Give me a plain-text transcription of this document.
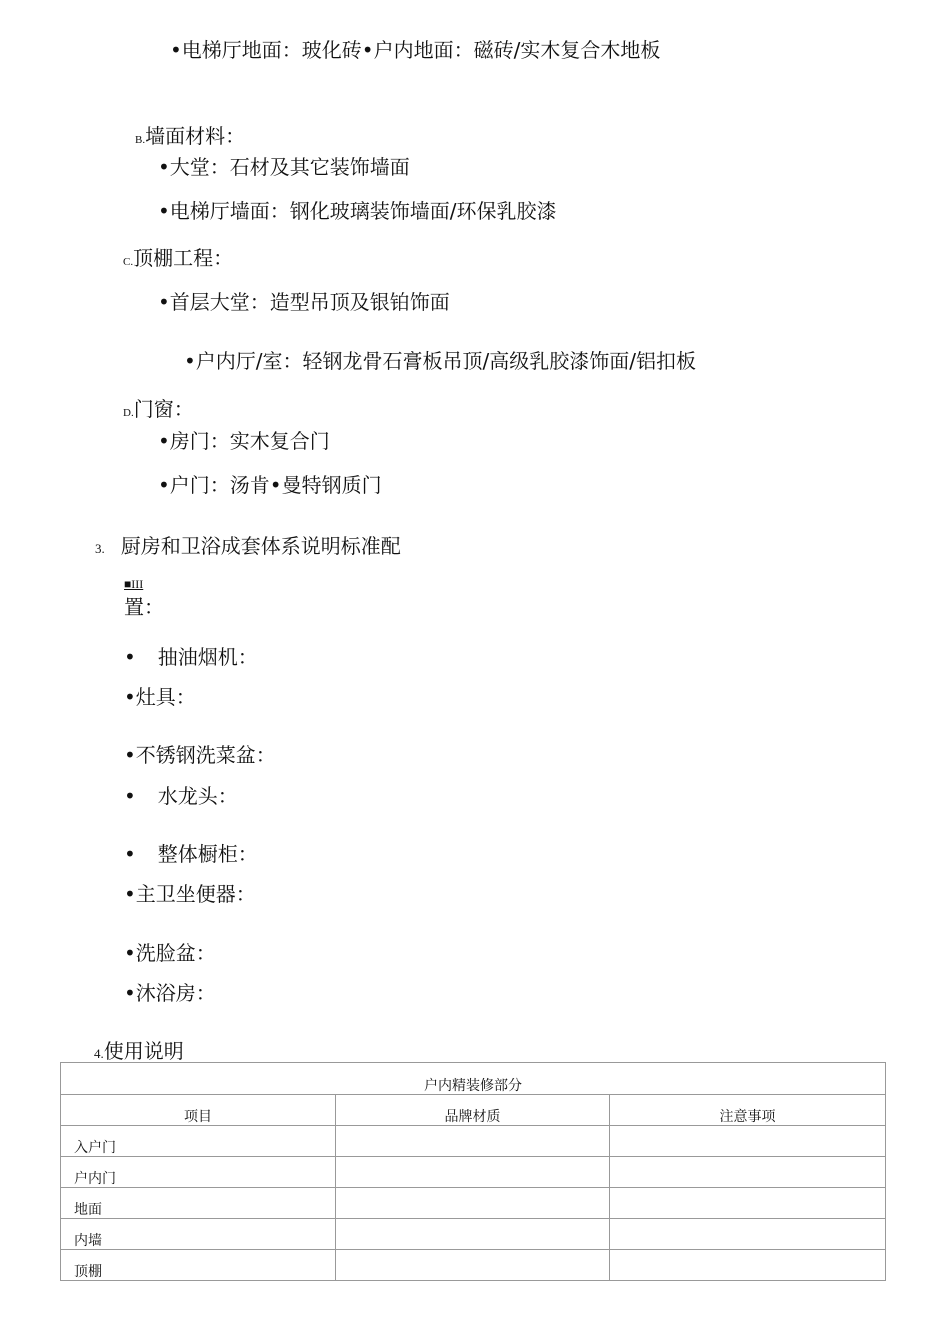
•电梯厅地面：玻化砖•户内地面：磁砖/实木复合木地板
B.墙面材料：
•大堂：石材及其它装饰墙面
•电梯厅墙面：钢化玻璃装饰墙面/环保乳胶漆
C.顶棚工程：
•首层大堂：造型吊顶及银铂饰面
•户内厅/室：轻钢龙骨石膏板吊顶/高级乳胶漆饰面/铝扣板
D.门窗：
•房门：实木复合门
•户门：汤肯•曼特钢质门
3. 厨房和卫浴成套体系说明标准配
■III
置：
• 抽油烟机：
•灶具：
•不锈钢洗菜盆：
• 水龙头：
• 整体橱柜：
•主卫坐便器：
•洗脸盆：
•沐浴房：
4.使用说明
户内精装修部分		
项目	品牌材质	注意事项
入户门		
户内门		
地面		
内墙		
顶棚		
